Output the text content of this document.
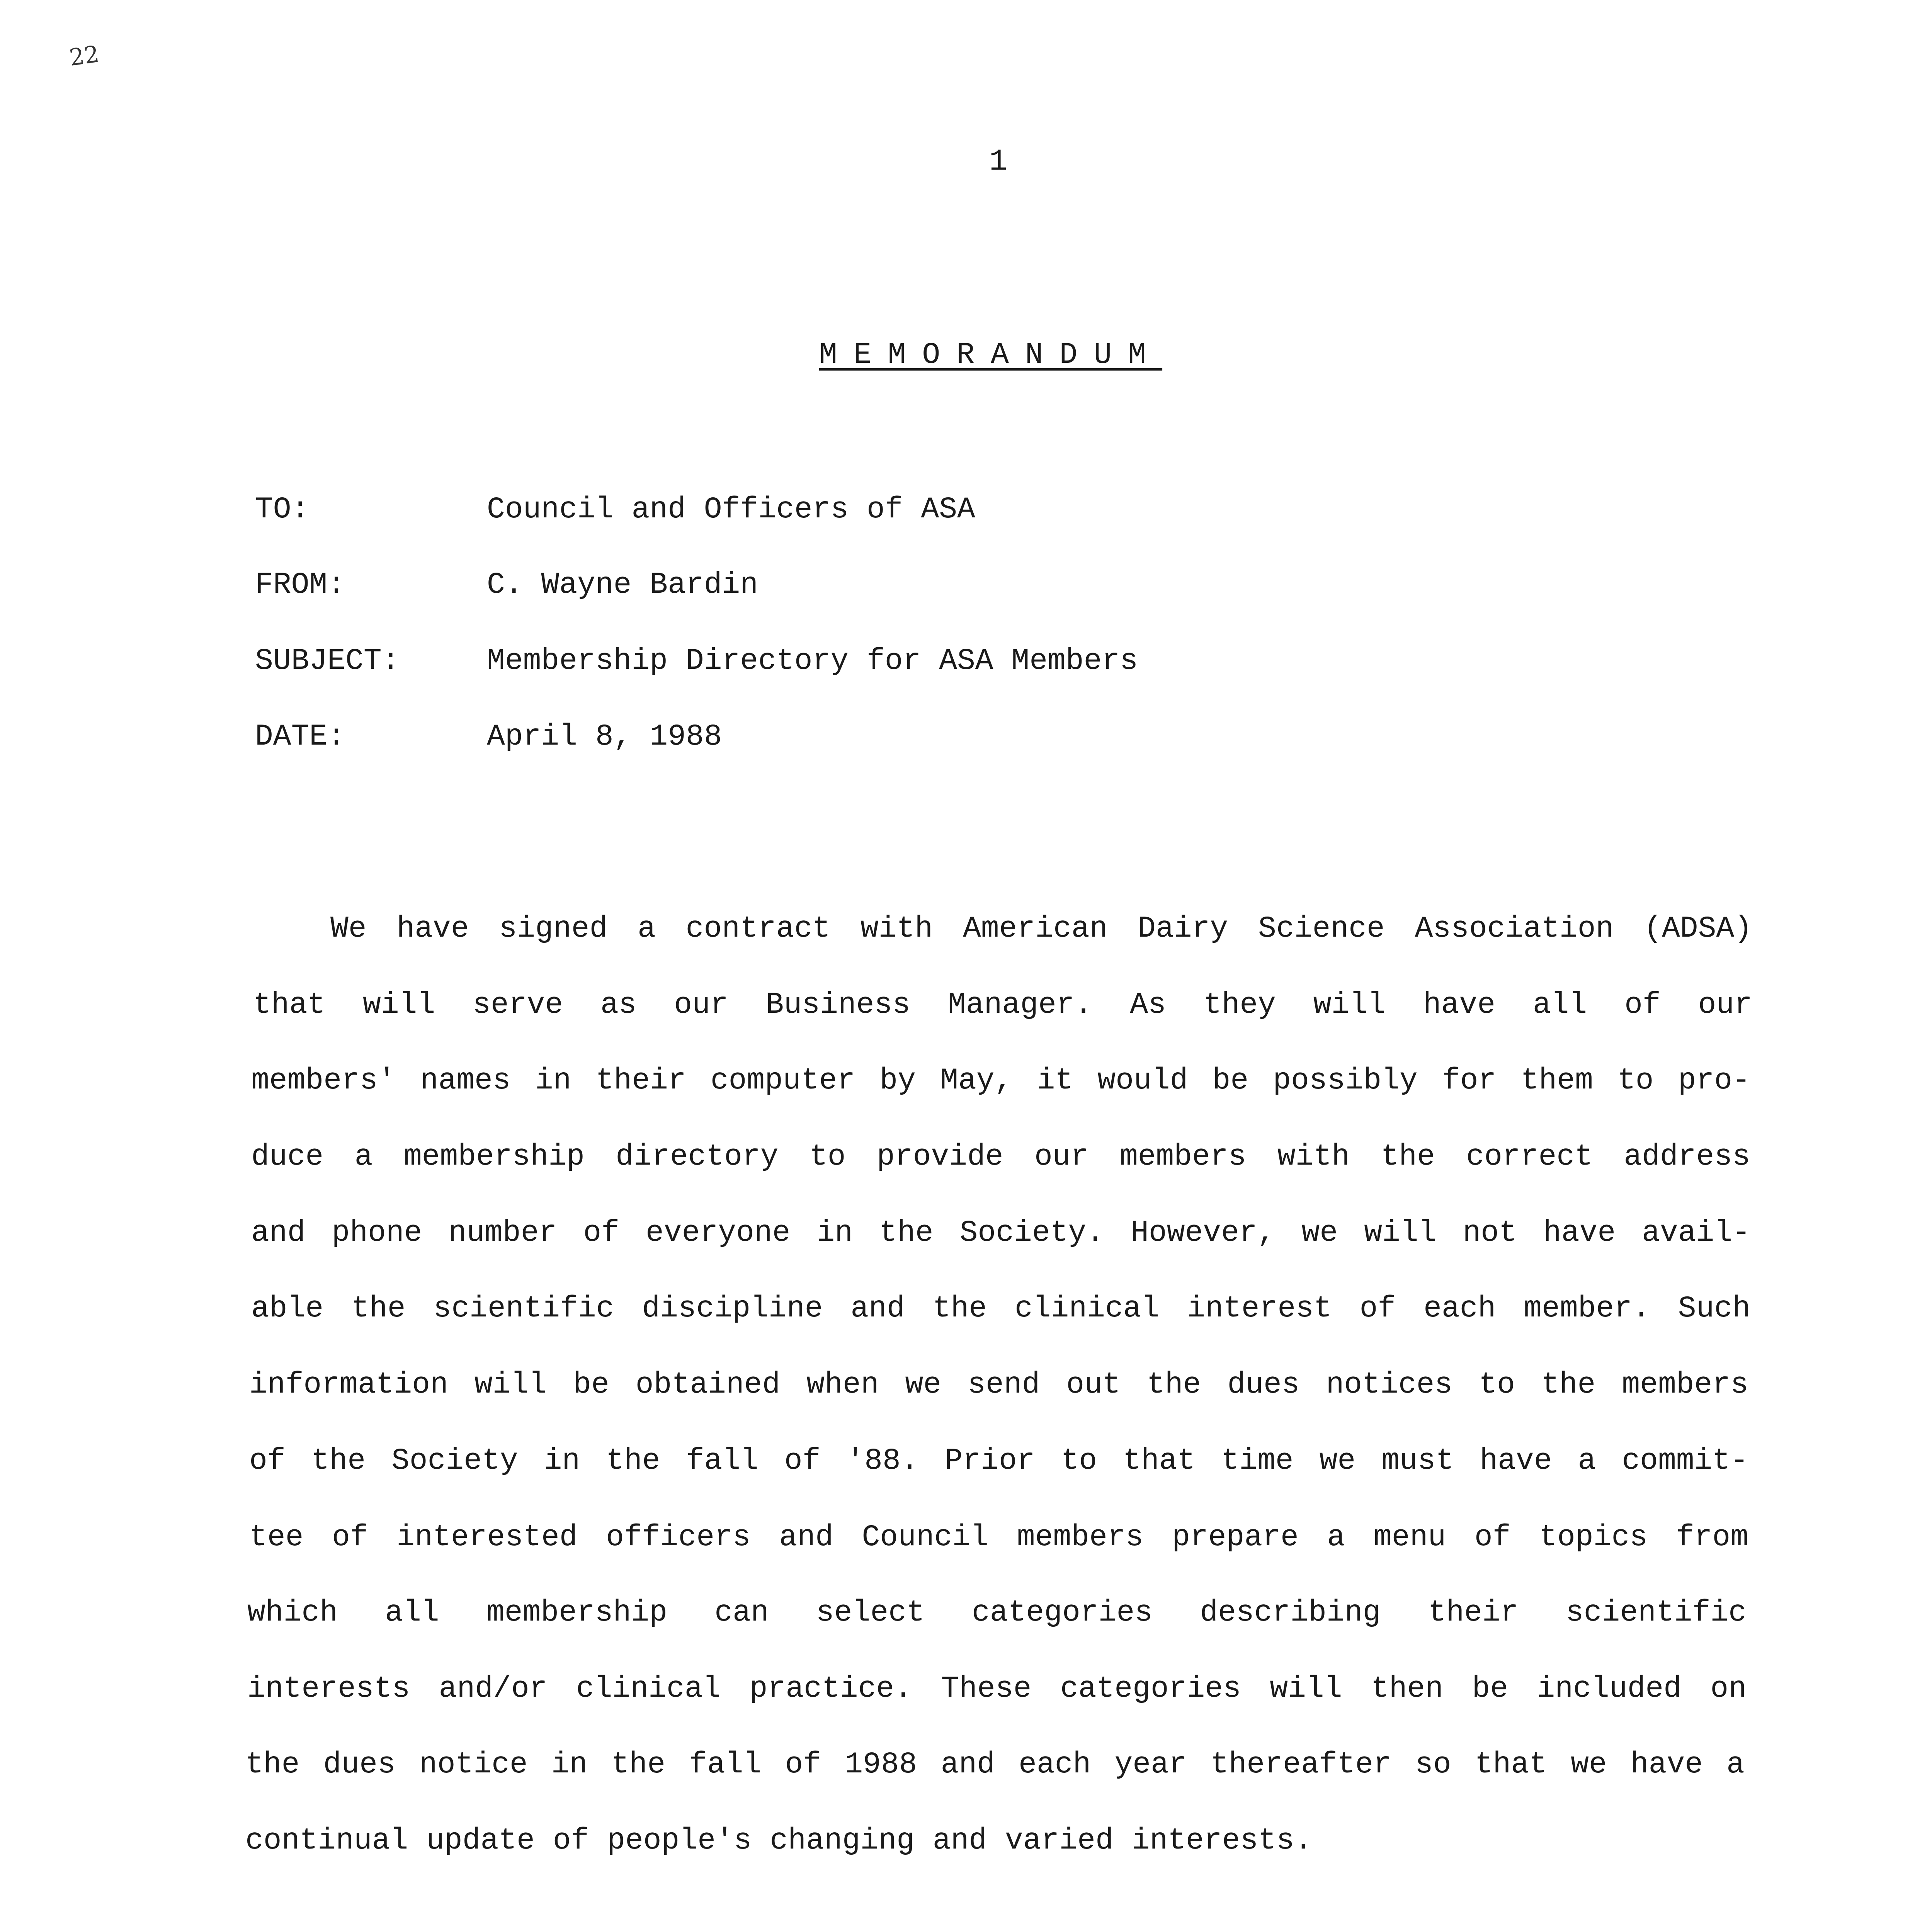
22
1
MEMORANDUM
TO:	Council and Officers of ASA
FROM:	C. Wayne Bardin
SUBJECT:	Membership Directory for ASA Members
DATE:	April 8, 1988
We have signed a contract with American Dairy Science Association (ADSA)
that will serve as our Business Manager. As they will have all of our
members' names in their computer by May, it would be possibly for them to pro-
duce a membership directory to provide our members with the correct address
and phone number of everyone in the Society. However, we will not have avail-
able the scientific discipline and the clinical interest of each member. Such
information will be obtained when we send out the dues notices to the members
of the Society in the fall of '88. Prior to that time we must have a commit-
tee of interested officers and Council members prepare a menu of topics from
which all membership can select categories describing their scientific
interests and/or clinical practice. These categories will then be included on
the dues notice in the fall of 1988 and each year thereafter so that we have a
continual update of people's changing and varied interests.
